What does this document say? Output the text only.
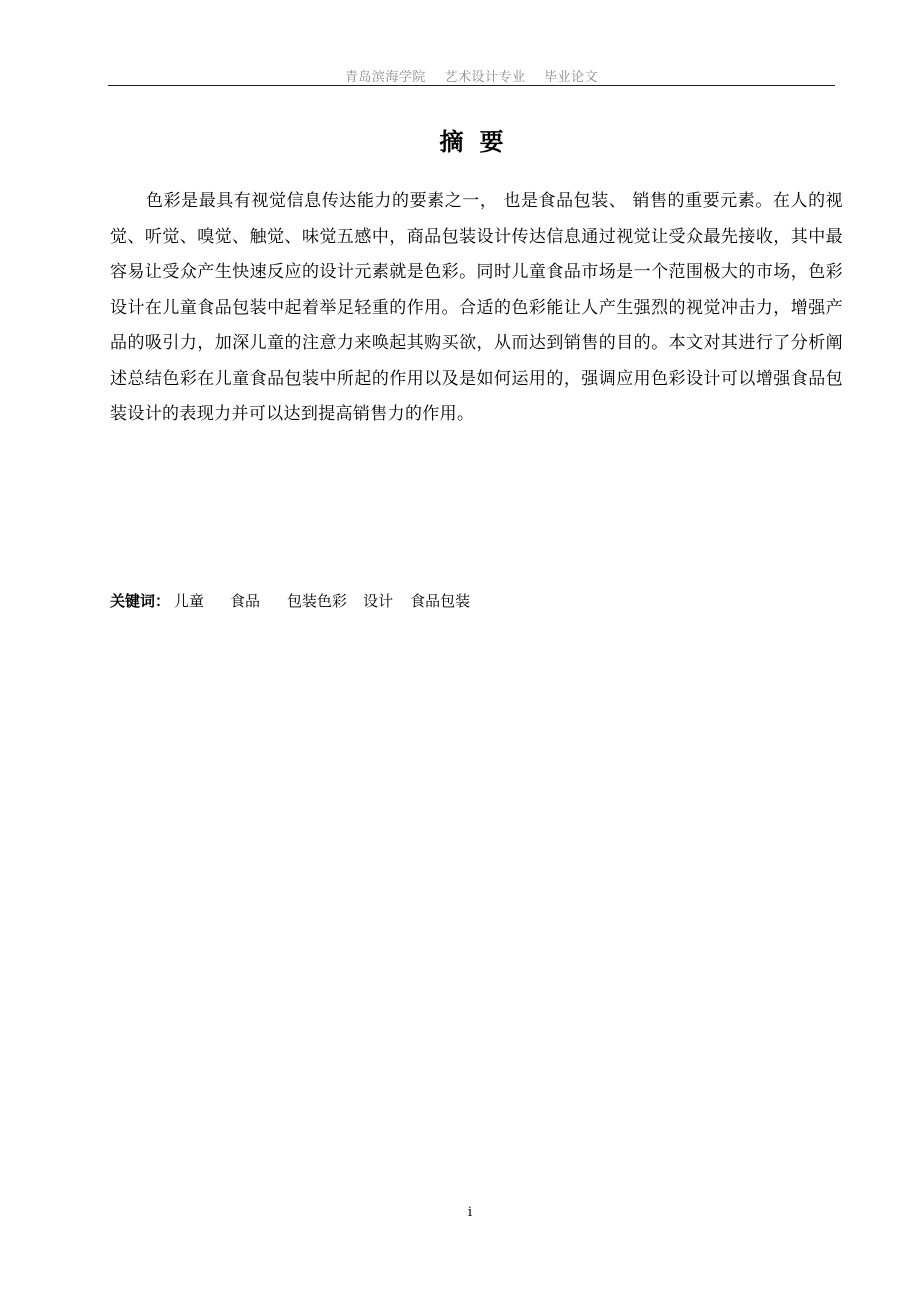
青岛滨海学院 艺术设计专业 毕业论文
摘要

色彩是最具有视觉信息传达能力的要素之一， 也是食品包装、 销售的重要元素。在人的视觉、听觉、嗅觉、触觉、味觉五感中，商品包装设计传达信息通过视觉让受众最先接收，其中最容易让受众产生快速反应的设计元素就是色彩。同时儿童食品市场是一个范围极大的市场，色彩设计在儿童食品包装中起着举足轻重的作用。合适的色彩能让人产生强烈的视觉冲击力，增强产品的吸引力，加深儿童的注意力来唤起其购买欲，从而达到销售的目的。本文对其进行了分析阐述总结色彩在儿童食品包装中所起的作用以及是如何运用的，强调应用色彩设计可以增强食品包装设计的表现力并可以达到提高销售力的作用。

关键词： 儿童 食品 包装色彩 设计 食品包装
i
